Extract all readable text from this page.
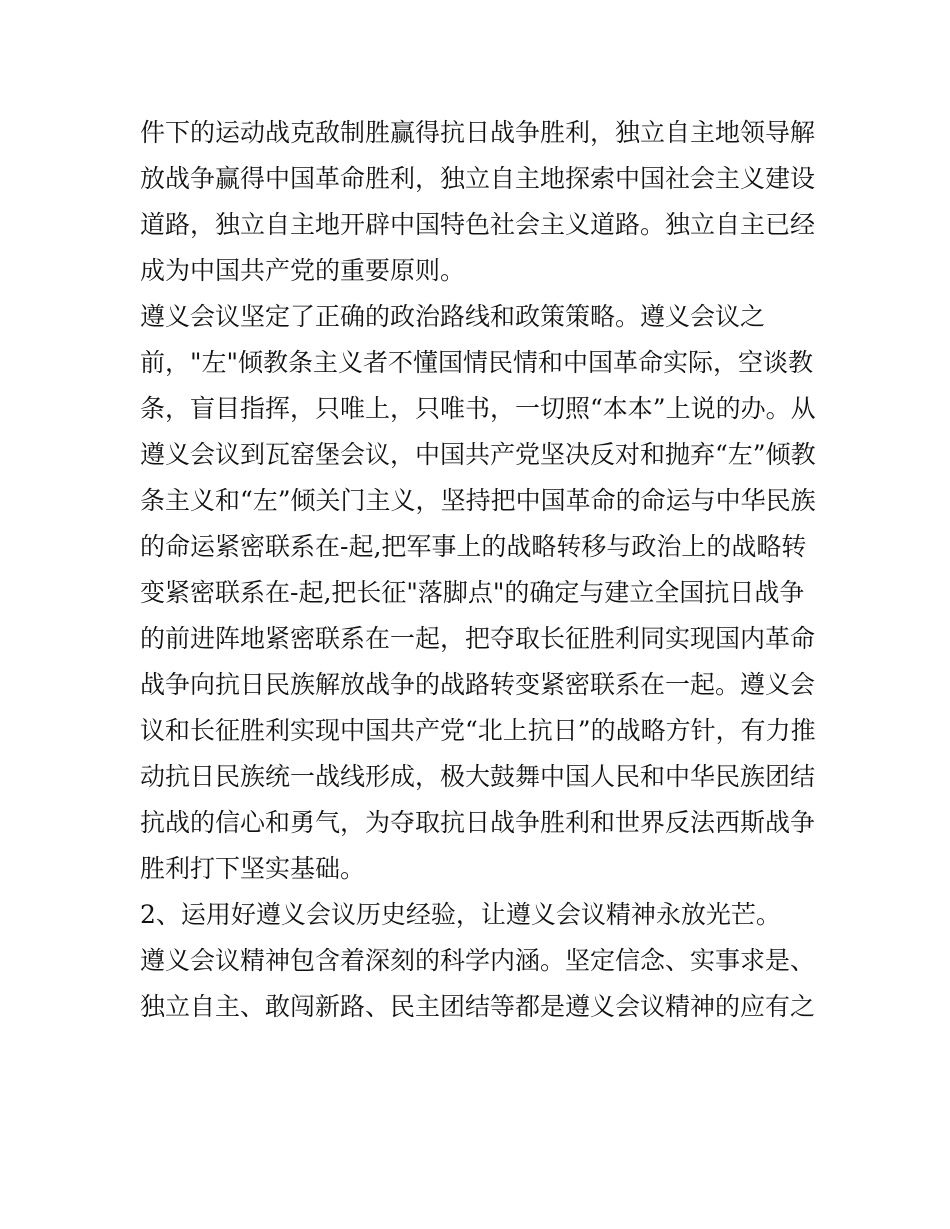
件下的运动战克敌制胜赢得抗日战争胜利，独立自主地领导解
放战争赢得中国革命胜利，独立自主地探索中国社会主义建设
道路，独立自主地开辟中国特色社会主义道路。独立自主已经
成为中国共产党的重要原则。
遵义会议坚定了正确的政治路线和政策策略。遵义会议之
前，"左"倾教条主义者不懂国情民情和中国革命实际，空谈教
条，盲目指挥，只唯上，只唯书，一切照“本本”上说的办。从
遵义会议到瓦窑堡会议，中国共产党坚决反对和抛弃“左”倾教
条主义和“左”倾关门主义，坚持把中国革命的命运与中华民族
的命运紧密联系在-起,把军事上的战略转移与政治上的战略转
变紧密联系在-起,把长征"落脚点"的确定与建立全国抗日战争
的前进阵地紧密联系在一起，把夺取长征胜利同实现国内革命
战争向抗日民族解放战争的战路转变紧密联系在一起。遵义会
议和长征胜利实现中国共产党“北上抗日”的战略方针，有力推
动抗日民族统一战线形成，极大鼓舞中国人民和中华民族团结
抗战的信心和勇气，为夺取抗日战争胜利和世界反法西斯战争
胜利打下坚实基础。
2、运用好遵义会议历史经验，让遵义会议精神永放光芒。
遵义会议精神包含着深刻的科学内涵。坚定信念、实事求是、
独立自主、敢闯新路、民主团结等都是遵义会议精神的应有之
